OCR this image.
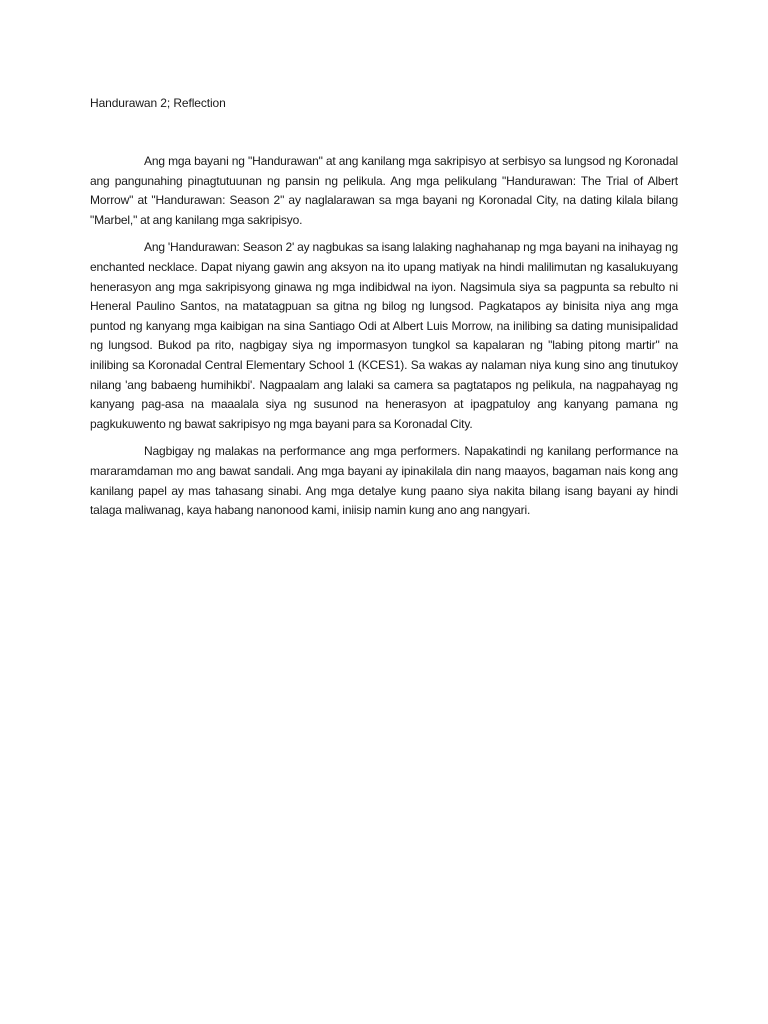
Handurawan 2; Reflection

Ang mga bayani ng "Handurawan" at ang kanilang mga sakripisyo at serbisyo sa lungsod ng Koronadal ang pangunahing pinagtutuunan ng pansin ng pelikula. Ang mga pelikulang "Handurawan: The Trial of Albert Morrow" at "Handurawan: Season 2" ay naglalarawan sa mga bayani ng Koronadal City, na dating kilala bilang "Marbel," at ang kanilang mga sakripisyo.

Ang 'Handurawan: Season 2' ay nagbukas sa isang lalaking naghahanap ng mga bayani na inihayag ng enchanted necklace. Dapat niyang gawin ang aksyon na ito upang matiyak na hindi malilimutan ng kasalukuyang henerasyon ang mga sakripisyong ginawa ng mga indibidwal na iyon. Nagsimula siya sa pagpunta sa rebulto ni Heneral Paulino Santos, na matatagpuan sa gitna ng bilog ng lungsod. Pagkatapos ay binisita niya ang mga puntod ng kanyang mga kaibigan na sina Santiago Odi at Albert Luis Morrow, na inilibing sa dating munisipalidad ng lungsod. Bukod pa rito, nagbigay siya ng impormasyon tungkol sa kapalaran ng "labing pitong martir" na inilibing sa Koronadal Central Elementary School 1 (KCES1). Sa wakas ay nalaman niya kung sino ang tinutukoy nilang 'ang babaeng humihikbi'. Nagpaalam ang lalaki sa camera sa pagtatapos ng pelikula, na nagpahayag ng kanyang pag-asa na maaalala siya ng susunod na henerasyon at ipagpatuloy ang kanyang pamana ng pagkukuwento ng bawat sakripisyo ng mga bayani para sa Koronadal City.

Nagbigay ng malakas na performance ang mga performers. Napakatindi ng kanilang performance na mararamdaman mo ang bawat sandali. Ang mga bayani ay ipinakilala din nang maayos, bagaman nais kong ang kanilang papel ay mas tahasang sinabi. Ang mga detalye kung paano siya nakita bilang isang bayani ay hindi talaga maliwanag, kaya habang nanonood kami, iniisip namin kung ano ang nangyari.
